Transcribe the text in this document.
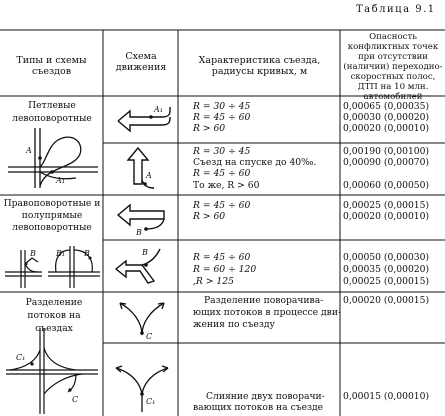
Таблица 9.1
Типы и схемы съездов
Схема движения
Характеристика съезда, радиусы кривых, м
Опасность конфликтных точек при отсутствии (наличии) переходно-скоростных полос, ДТП на 10 млн. автомобилей
Петлевые левоповоротные
Правоповоротные и полупрямые левоповоротные
Разделение потоков на съездах
A
A₁
B	B₁ B
C₁
C
A₁
A
B
B
C
C₁
R = 30 ÷ 45
R = 45 ÷ 60
R > 60
0,00065 (0,00035)
0,00030 (0,00020)
0,00020 (0,00010)
R = 30 ÷ 45
Съезд на спуске до 40‰.
R = 45 ÷ 60
То же, R > 60
0,00190 (0,00100)
0,00090 (0,00070)
0,00060 (0,00050)
R = 45 ÷ 60
R > 60
0,00025 (0,00015)
0,00020 (0,00010)
R = 45 ÷ 60
R = 60 ÷ 120
,R > 125
0,00050 (0,00030)
0,00035 (0,00020)
0,00025 (0,00015)
Разделение поворачива-
ющих потоков в процессе дви-
жения по съезду
0,00020 (0,00015)
Слияние двух поворачи-
вающих потоков на съезде
0,00015 (0,00010)
